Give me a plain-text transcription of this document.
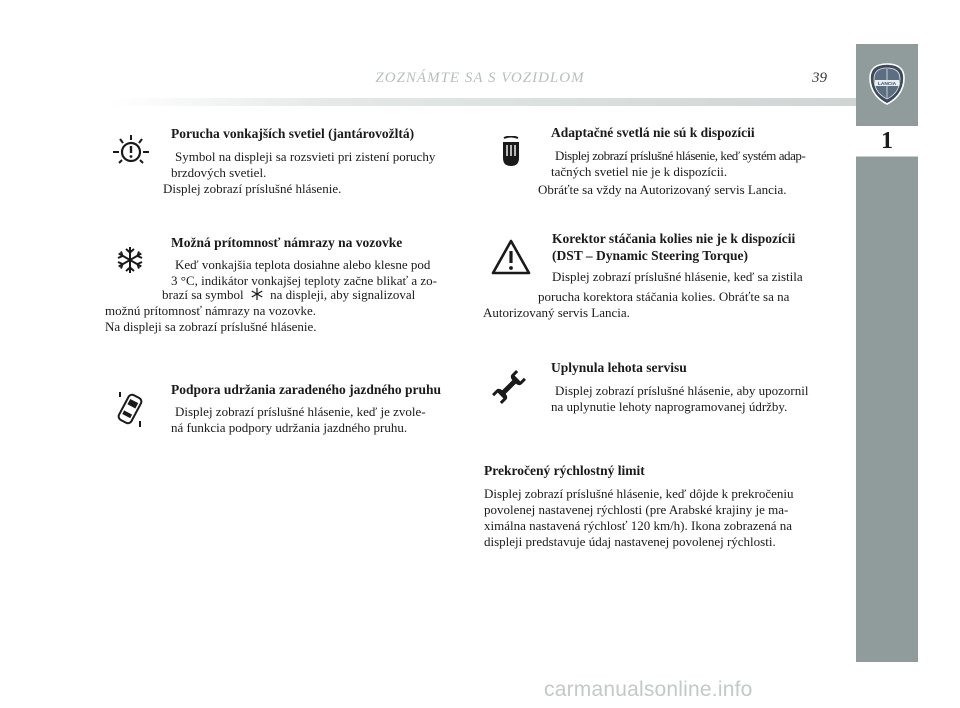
ZOZNÁMTE SA S VOZIDLOM	39	LANCIA
1
Porucha vonkajších svetiel (jantárovožltá)
Symbol na displeji sa rozsvieti pri zistení poruchy
brzdových svetiel.
Displej zobrazí príslušné hlásenie.
Možná prítomnosť námrazy na vozovke
Keď vonkajšia teplota dosiahne alebo klesne pod
3 °C, indikátor vonkajšej teploty začne blikať a zo-
brazí sa symbol na displeji, aby signalizoval
možnú prítomnosť námrazy na vozovke.
Na displeji sa zobrazí príslušné hlásenie.
Podpora udržania zaradeného jazdného pruhu
Displej zobrazí príslušné hlásenie, keď je zvole-
ná funkcia podpory udržania jazdného pruhu.
Adaptačné svetlá nie sú k dispozícii
Displej zobrazí príslušné hlásenie, keď systém adap-
tačných svetiel nie je k dispozícii.
Obráťte sa vždy na Autorizovaný servis Lancia.
Korektor stáčania kolies nie je k dispozícii
(DST – Dynamic Steering Torque)
Displej zobrazí príslušné hlásenie, keď sa zistila
porucha korektora stáčania kolies. Obráťte sa na
Autorizovaný servis Lancia.
Uplynula lehota servisu
Displej zobrazí príslušné hlásenie, aby upozornil
na uplynutie lehoty naprogramovanej údržby.
Prekročený rýchlostný limit
Displej zobrazí príslušné hlásenie, keď dôjde k prekročeniu
povolenej nastavenej rýchlosti (pre Arabské krajiny je ma-
ximálna nastavená rýchlosť 120 km/h). Ikona zobrazená na
displeji predstavuje údaj nastavenej povolenej rýchlosti.
carmanualsonline.info
